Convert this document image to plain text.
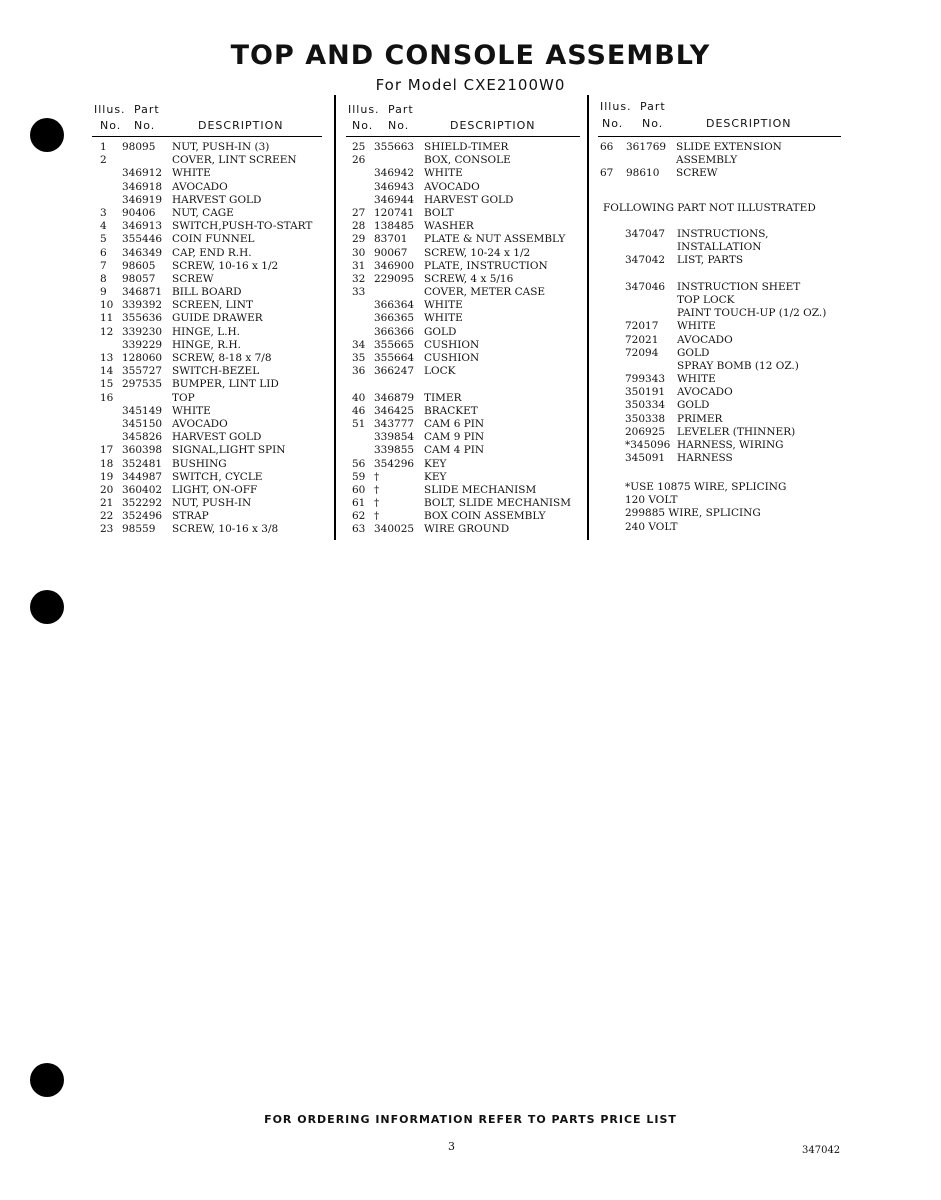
TOP AND CONSOLE ASSEMBLY
For Model CXE2100W0
Illus. Part
No. No.	DESCRIPTION
1 98095 NUT, PUSH-IN (3)
2	COVER, LINT SCREEN
346912 WHITE
346918 AVOCADO
346919 HARVEST GOLD
3 90406 NUT, CAGE
4 346913 SWITCH,PUSH-TO-START
5 355446 COIN FUNNEL
6 346349 CAP, END R.H.
7 98605 SCREW, 10-16 x 1/2
8 98057 SCREW
9 346871 BILL BOARD
10 339392 SCREEN, LINT
11 355636 GUIDE DRAWER
12 339230 HINGE, L.H.
339229 HINGE, R.H.
13 128060 SCREW, 8-18 x 7/8
14 355727 SWITCH-BEZEL
15 297535 BUMPER, LINT LID
16	TOP
345149 WHITE
345150 AVOCADO
345826 HARVEST GOLD
17 360398 SIGNAL,LIGHT SPIN
18 352481 BUSHING
19 344987 SWITCH, CYCLE
20 360402 LIGHT, ON-OFF
21 352292 NUT, PUSH-IN
22 352496 STRAP
23 98559 SCREW, 10-16 x 3/8
Illus. Part
No. No.	DESCRIPTION
25 355663 SHIELD-TIMER
26	BOX, CONSOLE
346942 WHITE
346943 AVOCADO
346944 HARVEST GOLD
27 120741 BOLT
28 138485 WASHER
29 83701 PLATE & NUT ASSEMBLY
30 90067 SCREW, 10-24 x 1/2
31 346900 PLATE, INSTRUCTION
32 229095 SCREW, 4 x 5/16
33	COVER, METER CASE
366364 WHITE
366365 WHITE
366366 GOLD
34 355665 CUSHION
35 355664 CUSHION
36 366247 LOCK
40 346879 TIMER
46 346425 BRACKET
51 343777 CAM 6 PIN
339854 CAM 9 PIN
339855 CAM 4 PIN
56 354296 KEY
59 †	KEY
60 †	SLIDE MECHANISM
61 †	BOLT, SLIDE MECHANISM
62 †	BOX COIN ASSEMBLY
63 340025 WIRE GROUND
Illus. Part
No. No.	DESCRIPTION
66 361769 SLIDE EXTENSION
ASSEMBLY
67 98610 SCREW
FOLLOWING PART NOT ILLUSTRATED
347047 INSTRUCTIONS,
INSTALLATION
347042 LIST, PARTS
347046 INSTRUCTION SHEET
TOP LOCK
PAINT TOUCH-UP (1/2 OZ.)
72017 WHITE
72021 AVOCADO
72094 GOLD
SPRAY BOMB (12 OZ.)
799343 WHITE
350191 AVOCADO
350334 GOLD
350338 PRIMER
206925 LEVELER (THINNER)
*345096 HARNESS, WIRING
345091 HARNESS
*USE 10875 WIRE, SPLICING
120 VOLT
299885 WIRE, SPLICING
240 VOLT
FOR ORDERING INFORMATION REFER TO PARTS PRICE LIST
3	347042
